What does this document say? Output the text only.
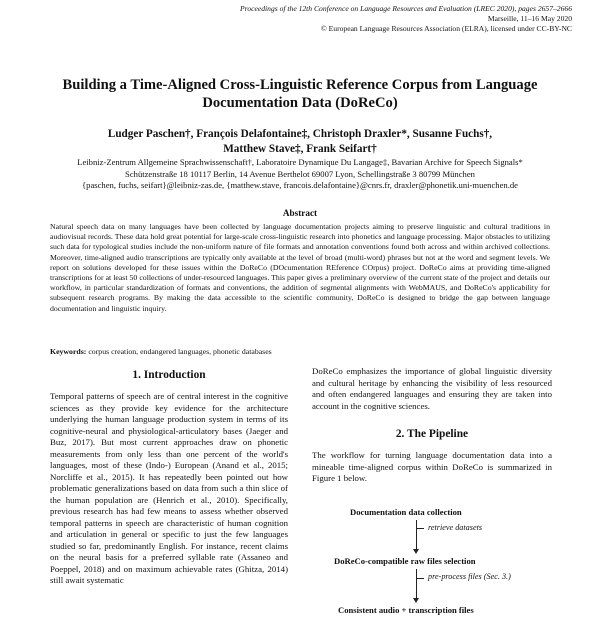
Proceedings of the 12th Conference on Language Resources and Evaluation (LREC 2020), pages 2657–2666
Marseille, 11–16 May 2020
© European Language Resources Association (ELRA), licensed under CC-BY-NC
Building a Time-Aligned Cross-Linguistic Reference Corpus from Language Documentation Data (DoReCo)
Ludger Paschen†, François Delafontaine‡, Christoph Draxler*, Susanne Fuchs†,
Matthew Stave‡, Frank Seifart†
Leibniz-Zentrum Allgemeine Sprachwissenschaft†, Laboratoire Dynamique Du Langage‡, Bavarian Archive for Speech Signals*
Schützenstraße 18 10117 Berlin, 14 Avenue Berthelot 69007 Lyon, Schellingstraße 3 80799 München
{paschen, fuchs, seifart}@leibniz-zas.de, {matthew.stave, francois.delafontaine}@cnrs.fr, draxler@phonetik.uni-muenchen.de
Abstract
Natural speech data on many languages have been collected by language documentation projects aiming to preserve linguistic and cultural traditions in audiovisual records. These data hold great potential for large-scale cross-linguistic research into phonetics and language processing. Major obstacles to utilizing such data for typological studies include the non-uniform nature of file formats and annotation conventions found both across and within archived collections. Moreover, time-aligned audio transcriptions are typically only available at the level of broad (multi-word) phrases but not at the word and segment levels. We report on solutions developed for these issues within the DoReCo (DOcumentation REference COrpus) project. DoReCo aims at providing time-aligned transcriptions for at least 50 collections of under-resourced languages. This paper gives a preliminary overview of the current state of the project and details our workflow, in particular standardization of formats and conventions, the addition of segmental alignments with WebMAUS, and DoReCo's applicability for subsequent research programs. By making the data accessible to the scientific community, DoReCo is designed to bridge the gap between language documentation and linguistic inquiry.
Keywords: corpus creation, endangered languages, phonetic databases
1. Introduction

Temporal patterns of speech are of central interest in the cognitive sciences as they provide key evidence for the architecture underlying the human language production system in terms of its cognitive-neural and physiological-articulatory bases (Jaeger and Buz, 2017). But most current approaches draw on phonetic measurements from only less than one percent of the world's languages, most of these (Indo-) European (Anand et al., 2015; Norcliffe et al., 2015). It has repeatedly been pointed out how problematic generalizations based on data from such a thin slice of the human population are (Henrich et al., 2010). Specifically, previous research has had few means to assess whether observed temporal patterns in speech are characteristic of human cognition and articulation in general or specific to just the few languages studied so far, predominantly English. For instance, recent claims on the neural basis for a preferred syllable rate (Assaneo and Poeppel, 2018) and on maximum achievable rates (Ghitza, 2014) still await systematic

DoReCo emphasizes the importance of global linguistic diversity and cultural heritage by enhancing the visibility of less resourced and often endangered languages and ensuring they are taken into account in the cognitive sciences.

2. The Pipeline

The workflow for turning language documentation data into a mineable time-aligned corpus within DoReCo is summarized in Figure 1 below.

Documentation data collection
retrieve datasets
DoReCo-compatible raw files selection
pre-process files (Sec. 3.)
Consistent audio + transcription files
